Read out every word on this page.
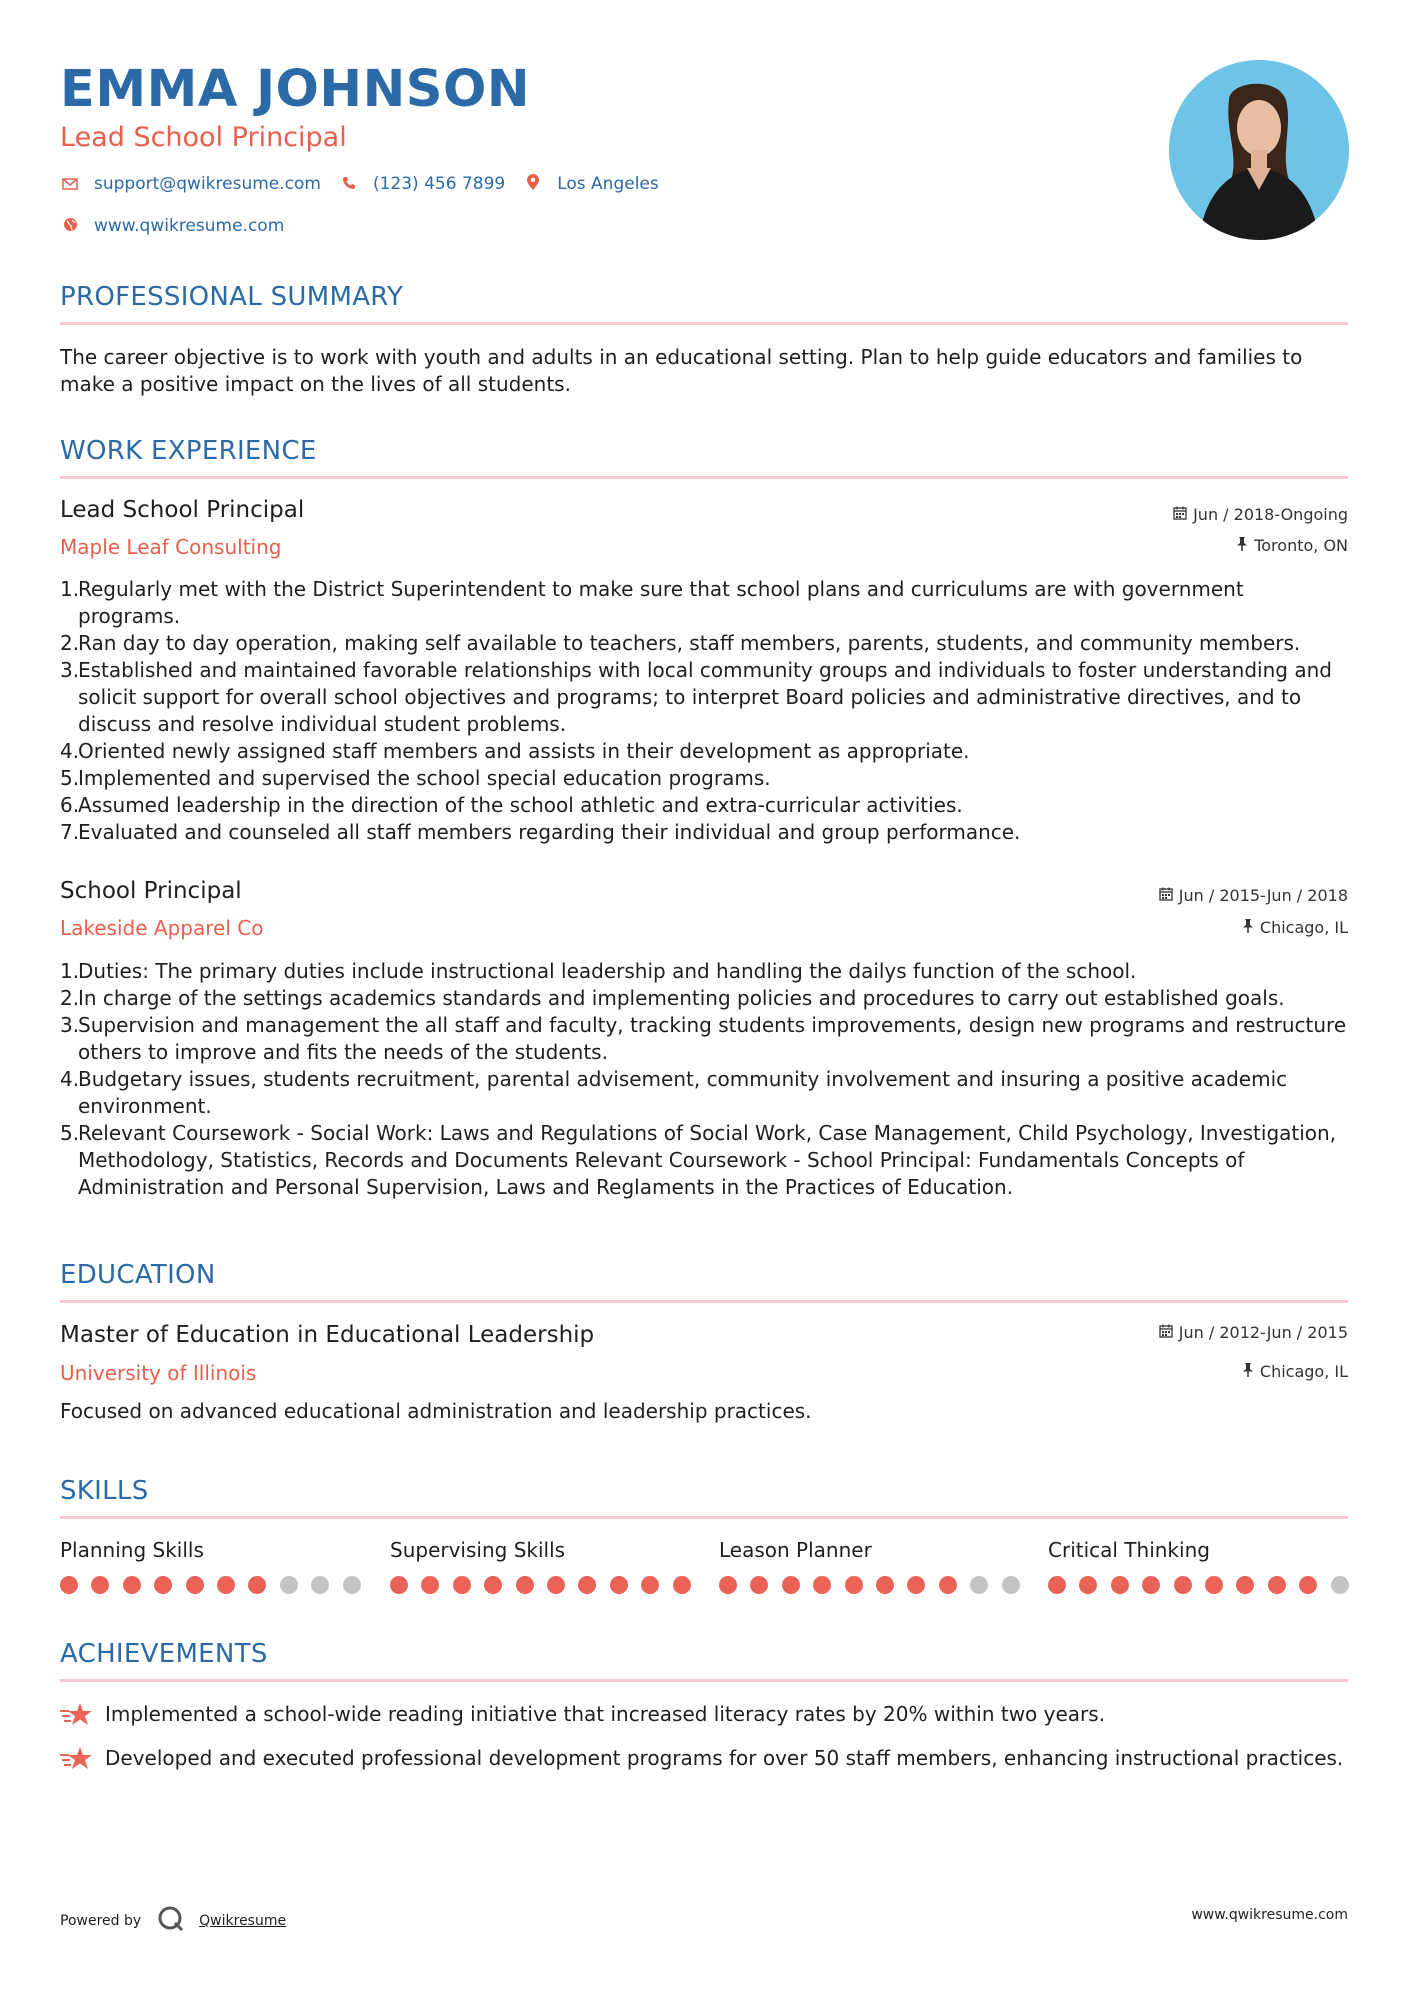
EMMA JOHNSON
Lead School Principal
support@qwikresume.com	(123) 456 7899	Los Angeles
www.qwikresume.com
PROFESSIONAL SUMMARY
The career objective is to work with youth and adults in an educational setting. Plan to help guide educators and families to make a positive impact on the lives of all students.
WORK EXPERIENCE
Lead School Principal
Maple Leaf Consulting
Jun / 2018-Ongoing
Toronto, ON
1.
Regularly met with the District Superintendent to make sure that school plans and curriculums are with government programs.
2.
Ran day to day operation, making self available to teachers, staff members, parents, students, and community members.
3.
Established and maintained favorable relationships with local community groups and individuals to foster understanding and solicit support for overall school objectives and programs; to interpret Board policies and administrative directives, and to discuss and resolve individual student problems.
4.
Oriented newly assigned staff members and assists in their development as appropriate.
5.
Implemented and supervised the school special education programs.
6.
Assumed leadership in the direction of the school athletic and extra-curricular activities.
7.
Evaluated and counseled all staff members regarding their individual and group performance.
School Principal
Lakeside Apparel Co
Jun / 2015-Jun / 2018
Chicago, IL
1.
Duties: The primary duties include instructional leadership and handling the dailys function of the school.
2.
In charge of the settings academics standards and implementing policies and procedures to carry out established goals.
3.
Supervision and management the all staff and faculty, tracking students improvements, design new programs and restructure others to improve and fits the needs of the students.
4.
Budgetary issues, students recruitment, parental advisement, community involvement and insuring a positive academic environment.
5.
Relevant Coursework - Social Work: Laws and Regulations of Social Work, Case Management, Child Psychology, Investigation, Methodology, Statistics, Records and Documents Relevant Coursework - School Principal: Fundamentals Concepts of Administration and Personal Supervision, Laws and Reglaments in the Practices of Education.
EDUCATION
Master of Education in Educational Leadership
University of Illinois
Jun / 2012-Jun / 2015
Chicago, IL
Focused on advanced educational administration and leadership practices.
SKILLS
Planning Skills	Supervising Skills	Leason Planner	Critical Thinking
ACHIEVEMENTS
Implemented a school-wide reading initiative that increased literacy rates by 20% within two years.
Developed and executed professional development programs for over 50 staff members, enhancing instructional practices.
Powered by	Qwikresume	www.qwikresume.com
